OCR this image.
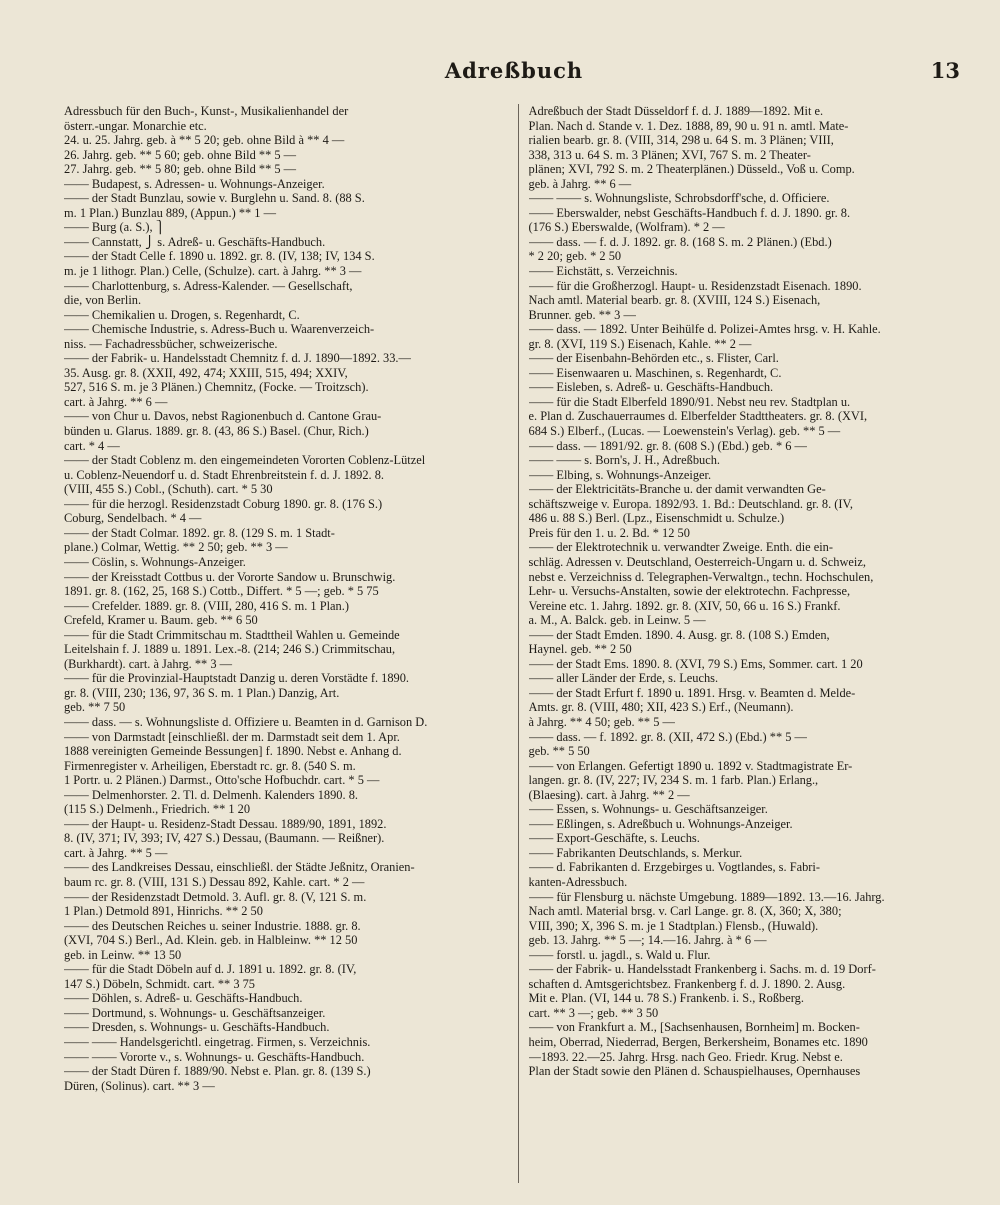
Adreßbuch	13
Adressbuch für den Buch-, Kunst-, Musikalienhandel der
österr.-ungar. Monarchie etc.
24. u. 25. Jahrg. geb. à ** 5 20; geb. ohne Bild à ** 4 —
26. Jahrg. geb. ** 5 60; geb. ohne Bild ** 5 —
27. Jahrg. geb. ** 5 80; geb. ohne Bild ** 5 —
—— Budapest, s. Adressen- u. Wohnungs-Anzeiger.
—— der Stadt Bunzlau, sowie v. Burglehn u. Sand. 8. (88 S.
m. 1 Plan.) Bunzlau 889, (Appun.) ** 1 —
—— Burg (a. S.), ⎫
—— Cannstatt, ⎭ s. Adreß- u. Geschäfts-Handbuch.
—— der Stadt Celle f. 1890 u. 1892. gr. 8. (IV, 138; IV, 134 S.
m. je 1 lithogr. Plan.) Celle, (Schulze). cart. à Jahrg. ** 3 —
—— Charlottenburg, s. Adress-Kalender. — Gesellschaft,
die, von Berlin.
—— Chemikalien u. Drogen, s. Regenhardt, C.
—— Chemische Industrie, s. Adress-Buch u. Waarenverzeich-
niss. — Fachadressbücher, schweizerische.
—— der Fabrik- u. Handelsstadt Chemnitz f. d. J. 1890—1892. 33.—
35. Ausg. gr. 8. (XXII, 492, 474; XXIII, 515, 494; XXIV,
527, 516 S. m. je 3 Plänen.) Chemnitz, (Focke. — Troitzsch).
cart. à Jahrg. ** 6 —
—— von Chur u. Davos, nebst Ragionenbuch d. Cantone Grau-
bünden u. Glarus. 1889. gr. 8. (43, 86 S.) Basel. (Chur, Rich.)
cart. * 4 —
—— der Stadt Coblenz m. den eingemeindeten Vororten Coblenz-Lützel
u. Coblenz-Neuendorf u. d. Stadt Ehrenbreitstein f. d. J. 1892. 8.
(VIII, 455 S.) Cobl., (Schuth). cart. * 5 30
—— für die herzogl. Residenzstadt Coburg 1890. gr. 8. (176 S.)
Coburg, Sendelbach. * 4 —
—— der Stadt Colmar. 1892. gr. 8. (129 S. m. 1 Stadt-
plane.) Colmar, Wettig. ** 2 50; geb. ** 3 —
—— Cöslin, s. Wohnungs-Anzeiger.
—— der Kreisstadt Cottbus u. der Vororte Sandow u. Brunschwig.
1891. gr. 8. (162, 25, 168 S.) Cottb., Differt. * 5 —; geb. * 5 75
—— Crefelder. 1889. gr. 8. (VIII, 280, 416 S. m. 1 Plan.)
Crefeld, Kramer u. Baum. geb. ** 6 50
—— für die Stadt Crimmitschau m. Stadttheil Wahlen u. Gemeinde
Leitelshain f. J. 1889 u. 1891. Lex.-8. (214; 246 S.) Crimmitschau,
(Burkhardt). cart. à Jahrg. ** 3 —
—— für die Provinzial-Hauptstadt Danzig u. deren Vorstädte f. 1890.
gr. 8. (VIII, 230; 136, 97, 36 S. m. 1 Plan.) Danzig, Art.
geb. ** 7 50
—— dass. — s. Wohnungsliste d. Offiziere u. Beamten in d. Garnison D.
—— von Darmstadt [einschließl. der m. Darmstadt seit dem 1. Apr.
1888 vereinigten Gemeinde Bessungen] f. 1890. Nebst e. Anhang d.
Firmenregister v. Arheiligen, Eberstadt rc. gr. 8. (540 S. m.
1 Portr. u. 2 Plänen.) Darmst., Otto'sche Hofbuchdr. cart. * 5 —
—— Delmenhorster. 2. Tl. d. Delmenh. Kalenders 1890. 8.
(115 S.) Delmenh., Friedrich. ** 1 20
—— der Haupt- u. Residenz-Stadt Dessau. 1889/90, 1891, 1892.
8. (IV, 371; IV, 393; IV, 427 S.) Dessau, (Baumann. — Reißner).
cart. à Jahrg. ** 5 —
—— des Landkreises Dessau, einschließl. der Städte Jeßnitz, Oranien-
baum rc. gr. 8. (VIII, 131 S.) Dessau 892, Kahle. cart. * 2 —
—— der Residenzstadt Detmold. 3. Aufl. gr. 8. (V, 121 S. m.
1 Plan.) Detmold 891, Hinrichs. ** 2 50
—— des Deutschen Reiches u. seiner Industrie. 1888. gr. 8.
(XVI, 704 S.) Berl., Ad. Klein. geb. in Halbleinw. ** 12 50
geb. in Leinw. ** 13 50
—— für die Stadt Döbeln auf d. J. 1891 u. 1892. gr. 8. (IV,
147 S.) Döbeln, Schmidt. cart. ** 3 75
—— Döhlen, s. Adreß- u. Geschäfts-Handbuch.
—— Dortmund, s. Wohnungs- u. Geschäftsanzeiger.
—— Dresden, s. Wohnungs- u. Geschäfts-Handbuch.
—— —— Handelsgerichtl. eingetrag. Firmen, s. Verzeichnis.
—— —— Vororte v., s. Wohnungs- u. Geschäfts-Handbuch.
—— der Stadt Düren f. 1889/90. Nebst e. Plan. gr. 8. (139 S.)
Düren, (Solinus). cart. ** 3 —
Adreßbuch der Stadt Düsseldorf f. d. J. 1889—1892. Mit e.
Plan. Nach d. Stande v. 1. Dez. 1888, 89, 90 u. 91 n. amtl. Mate-
rialien bearb. gr. 8. (VIII, 314, 298 u. 64 S. m. 3 Plänen; VIII,
338, 313 u. 64 S. m. 3 Plänen; XVI, 767 S. m. 2 Theater-
plänen; XVI, 792 S. m. 2 Theaterplänen.) Düsseld., Voß u. Comp.
geb. à Jahrg. ** 6 —
—— —— s. Wohnungsliste, Schrobsdorff'sche, d. Officiere.
—— Eberswalder, nebst Geschäfts-Handbuch f. d. J. 1890. gr. 8.
(176 S.) Eberswalde, (Wolfram). * 2 —
—— dass. — f. d. J. 1892. gr. 8. (168 S. m. 2 Plänen.) (Ebd.)
* 2 20; geb. * 2 50
—— Eichstätt, s. Verzeichnis.
—— für die Großherzogl. Haupt- u. Residenzstadt Eisenach. 1890.
Nach amtl. Material bearb. gr. 8. (XVIII, 124 S.) Eisenach,
Brunner. geb. ** 3 —
—— dass. — 1892. Unter Beihülfe d. Polizei-Amtes hrsg. v. H. Kahle.
gr. 8. (XVI, 119 S.) Eisenach, Kahle. ** 2 —
—— der Eisenbahn-Behörden etc., s. Flister, Carl.
—— Eisenwaaren u. Maschinen, s. Regenhardt, C.
—— Eisleben, s. Adreß- u. Geschäfts-Handbuch.
—— für die Stadt Elberfeld 1890/91. Nebst neu rev. Stadtplan u.
e. Plan d. Zuschauerraumes d. Elberfelder Stadttheaters. gr. 8. (XVI,
684 S.) Elberf., (Lucas. — Loewenstein's Verlag). geb. ** 5 —
—— dass. — 1891/92. gr. 8. (608 S.) (Ebd.) geb. * 6 —
—— —— s. Born's, J. H., Adreßbuch.
—— Elbing, s. Wohnungs-Anzeiger.
—— der Elektricitäts-Branche u. der damit verwandten Ge-
schäftszweige v. Europa. 1892/93. 1. Bd.: Deutschland. gr. 8. (IV,
486 u. 88 S.) Berl. (Lpz., Eisenschmidt u. Schulze.)
Preis für den 1. u. 2. Bd. * 12 50
—— der Elektrotechnik u. verwandter Zweige. Enth. die ein-
schläg. Adressen v. Deutschland, Oesterreich-Ungarn u. d. Schweiz,
nebst e. Verzeichniss d. Telegraphen-Verwaltgn., techn. Hochschulen,
Lehr- u. Versuchs-Anstalten, sowie der elektrotechn. Fachpresse,
Vereine etc. 1. Jahrg. 1892. gr. 8. (XIV, 50, 66 u. 16 S.) Frankf.
a. M., A. Balck. geb. in Leinw. 5 —
—— der Stadt Emden. 1890. 4. Ausg. gr. 8. (108 S.) Emden,
Haynel. geb. ** 2 50
—— der Stadt Ems. 1890. 8. (XVI, 79 S.) Ems, Sommer. cart. 1 20
—— aller Länder der Erde, s. Leuchs.
—— der Stadt Erfurt f. 1890 u. 1891. Hrsg. v. Beamten d. Melde-
Amts. gr. 8. (VIII, 480; XII, 423 S.) Erf., (Neumann).
à Jahrg. ** 4 50; geb. ** 5 —
—— dass. — f. 1892. gr. 8. (XII, 472 S.) (Ebd.) ** 5 —
geb. ** 5 50
—— von Erlangen. Gefertigt 1890 u. 1892 v. Stadtmagistrate Er-
langen. gr. 8. (IV, 227; IV, 234 S. m. 1 farb. Plan.) Erlang.,
(Blaesing). cart. à Jahrg. ** 2 —
—— Essen, s. Wohnungs- u. Geschäftsanzeiger.
—— Eßlingen, s. Adreßbuch u. Wohnungs-Anzeiger.
—— Export-Geschäfte, s. Leuchs.
—— Fabrikanten Deutschlands, s. Merkur.
—— d. Fabrikanten d. Erzgebirges u. Vogtlandes, s. Fabri-
kanten-Adressbuch.
—— für Flensburg u. nächste Umgebung. 1889—1892. 13.—16. Jahrg.
Nach amtl. Material brsg. v. Carl Lange. gr. 8. (X, 360; X, 380;
VIII, 390; X, 396 S. m. je 1 Stadtplan.) Flensb., (Huwald).
geb. 13. Jahrg. ** 5 —; 14.—16. Jahrg. à * 6 —
—— forstl. u. jagdl., s. Wald u. Flur.
—— der Fabrik- u. Handelsstadt Frankenberg i. Sachs. m. d. 19 Dorf-
schaften d. Amtsgerichtsbez. Frankenberg f. d. J. 1890. 2. Ausg.
Mit e. Plan. (VI, 144 u. 78 S.) Frankenb. i. S., Roßberg.
cart. ** 3 —; geb. ** 3 50
—— von Frankfurt a. M., [Sachsenhausen, Bornheim] m. Bocken-
heim, Oberrad, Niederrad, Bergen, Berkersheim, Bonames etc. 1890
—1893. 22.—25. Jahrg. Hrsg. nach Geo. Friedr. Krug. Nebst e.
Plan der Stadt sowie den Plänen d. Schauspielhauses, Opernhauses
